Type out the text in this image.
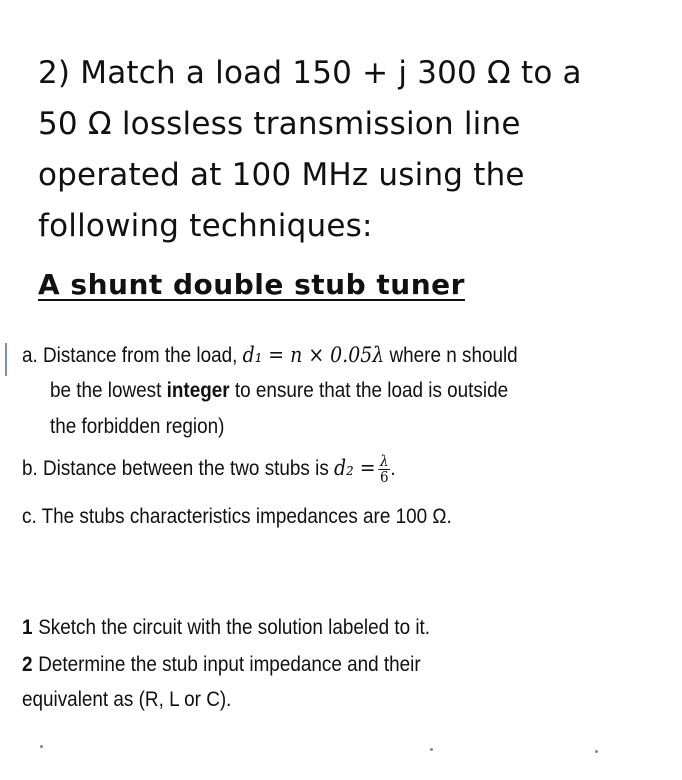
2) Match a load 150 + j 300 Ω to a
50 Ω lossless transmission line
operated at 100 MHz using the
following techniques:
A shunt double stub tuner
a. Distance from the load, d₁ = n × 0.05λ where n should
be the lowest integer to ensure that the load is outside
the forbidden region)
b. Distance between the two stubs is $d_2 = \frac{\lambda}{6}$ .
c. The stubs characteristics impedances are 100 Ω.
1 Sketch the circuit with the solution labeled to it.
2 Determine the stub input impedance and their
equivalent as (R, L or C).
